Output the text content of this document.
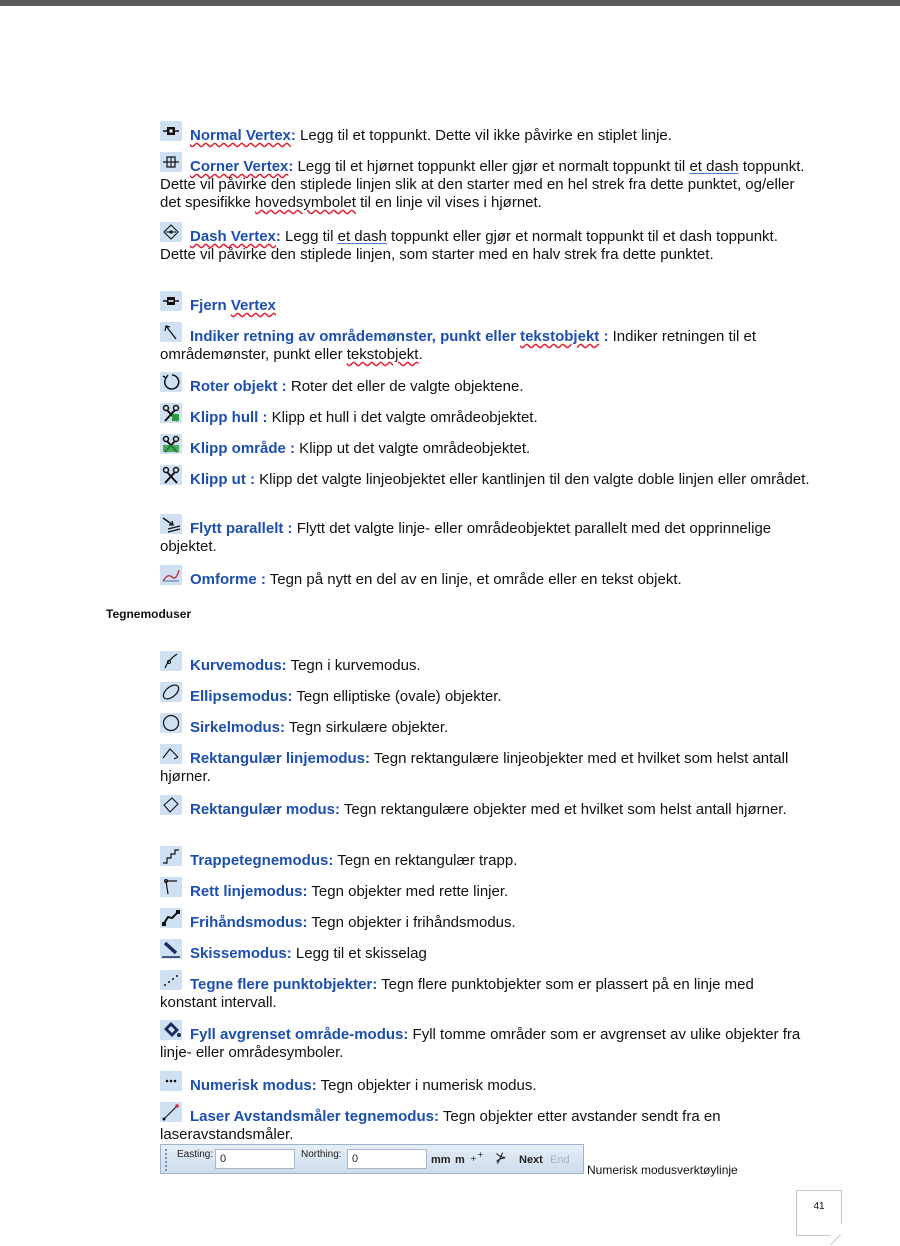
Normal Vertex: Legg til et toppunkt. Dette vil ikke påvirke en stiplet linje.
Corner Vertex: Legg til et hjørnet toppunkt eller gjør et normalt toppunkt til et dash toppunkt. Dette vil påvirke den stiplede linjen slik at den starter med en hel strek fra dette punktet, og/eller det spesifikke hovedsymbolet til en linje vil vises i hjørnet.
Dash Vertex: Legg til et dash toppunkt eller gjør et normalt toppunkt til et dash toppunkt. Dette vil påvirke den stiplede linjen, som starter med en halv strek fra dette punktet.
Fjern Vertex
Indiker retning av områdemønster, punkt eller tekstobjekt : Indiker retningen til et områdemønster, punkt eller tekstobjekt.
Roter objekt : Roter det eller de valgte objektene.
Klipp hull : Klipp et hull i det valgte områdeobjektet.
Klipp område : Klipp ut det valgte områdeobjektet.
Klipp ut : Klipp det valgte linjeobjektet eller kantlinjen til den valgte doble linjen eller området.
Flytt parallelt : Flytt det valgte linje- eller områdeobjektet parallelt med det opprinnelige objektet.
Omforme : Tegn på nytt en del av en linje, et område eller en tekst objekt.
Tegnemoduser
Kurvemodus: Tegn i kurvemodus.
Ellipsemodus: Tegn elliptiske (ovale) objekter.
Sirkelmodus: Tegn sirkulære objekter.
Rektangulær linjemodus: Tegn rektangulære linjeobjekter med et hvilket som helst antall hjørner.
Rektangulær modus: Tegn rektangulære objekter med et hvilket som helst antall hjørner.
Trappetegnemodus: Tegn en rektangulær trapp.
Rett linjemodus: Tegn objekter med rette linjer.
Frihåndsmodus: Tegn objekter i frihåndsmodus.
Skissemodus: Legg til et skisselag
Tegne flere punktobjekter: Tegn flere punktobjekter som er plassert på en linje med konstant intervall.
Fyll avgrenset område-modus: Fyll tomme områder som er avgrenset av ulike objekter fra linje- eller områdesymboler.
Numerisk modus: Tegn objekter i numerisk modus.
Laser Avstandsmåler tegnemodus: Tegn objekter etter avstander sendt fra en laseravstandsmåler.
Easting: 0	Northing: 0	mm m ₊⁺ ⊁ Next End
Numerisk modusverktøylinje
41
